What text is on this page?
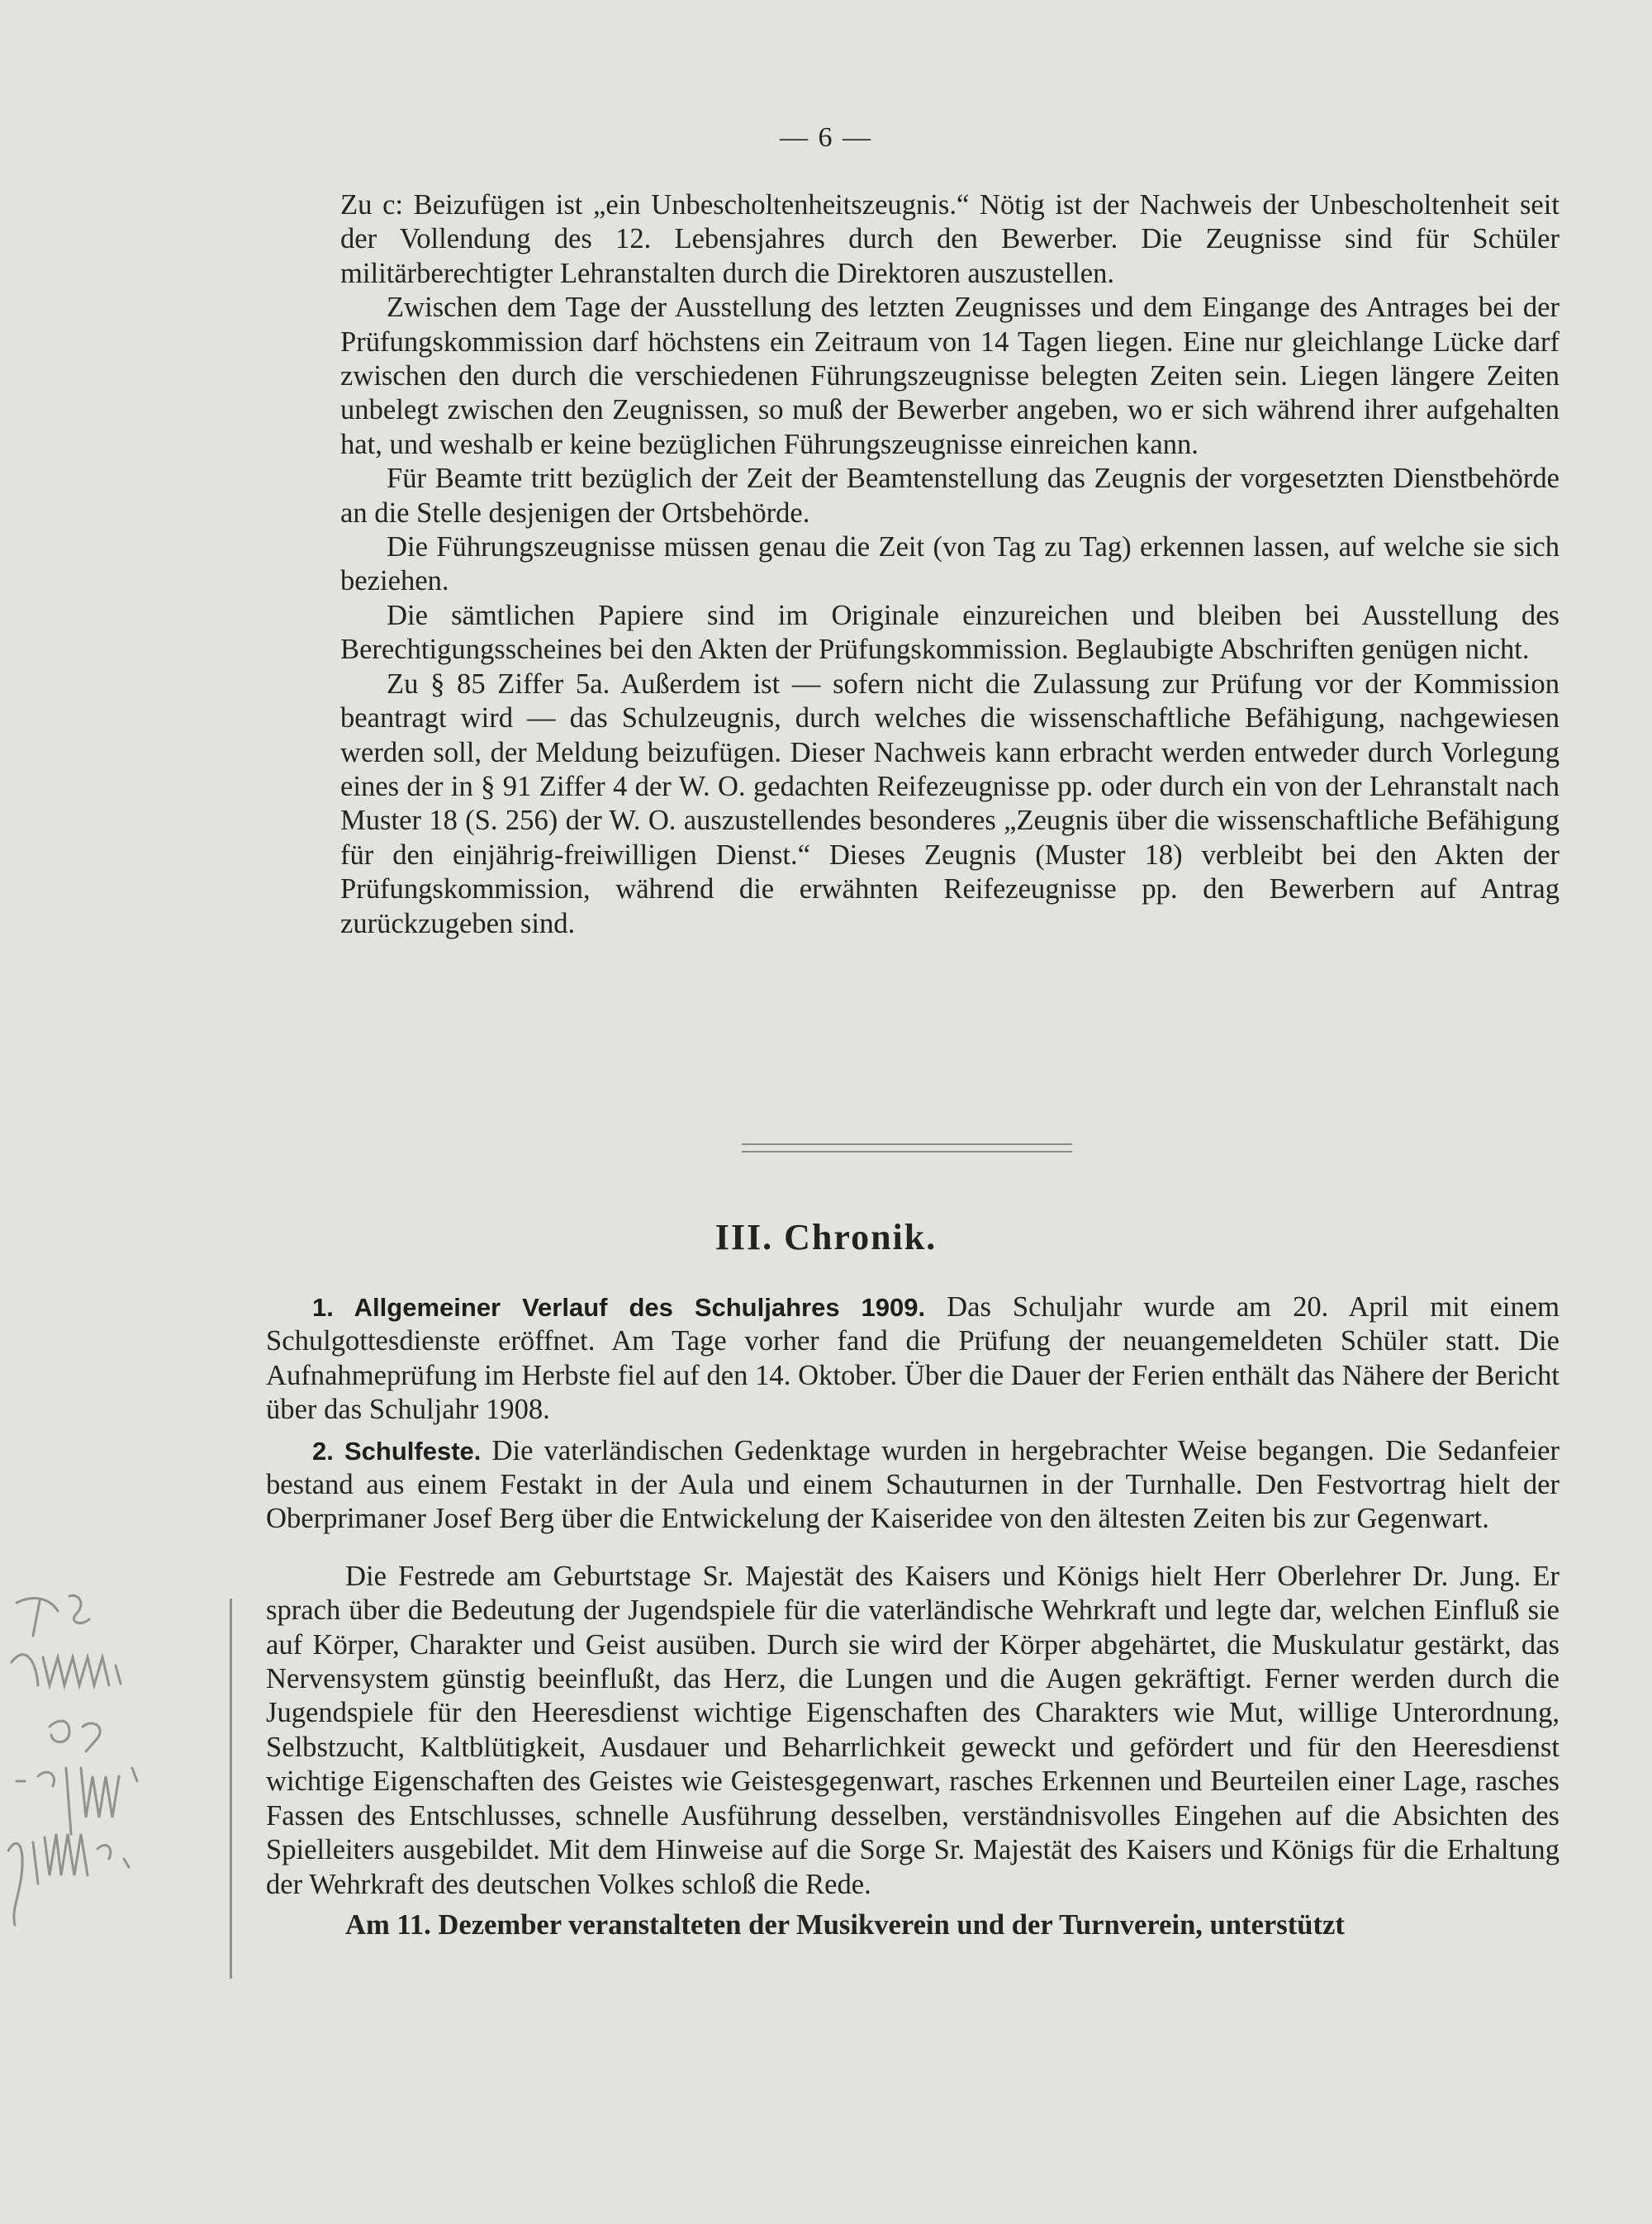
— 6 —

Zu c: Beizufügen ist „ein Unbescholtenheitszeugnis.“ Nötig ist der Nachweis der Unbescholtenheit seit der Vollendung des 12. Lebensjahres durch den Bewerber. Die Zeugnisse sind für Schüler militärberechtigter Lehranstalten durch die Direktoren auszustellen.

Zwischen dem Tage der Ausstellung des letzten Zeugnisses und dem Eingange des Antrages bei der Prüfungskommission darf höchstens ein Zeitraum von 14 Tagen liegen. Eine nur gleichlange Lücke darf zwischen den durch die verschiedenen Führungszeugnisse belegten Zeiten sein. Liegen längere Zeiten unbelegt zwischen den Zeugnissen, so muß der Bewerber angeben, wo er sich während ihrer aufgehalten hat, und weshalb er keine bezüglichen Führungszeugnisse einreichen kann.

Für Beamte tritt bezüglich der Zeit der Beamtenstellung das Zeugnis der vorgesetzten Dienstbehörde an die Stelle desjenigen der Ortsbehörde.

Die Führungszeugnisse müssen genau die Zeit (von Tag zu Tag) erkennen lassen, auf welche sie sich beziehen.

Die sämtlichen Papiere sind im Originale einzureichen und bleiben bei Ausstellung des Berechtigungsscheines bei den Akten der Prüfungskommission. Beglaubigte Abschriften genügen nicht.

Zu § 85 Ziffer 5a. Außerdem ist — sofern nicht die Zulassung zur Prüfung vor der Kommission beantragt wird — das Schulzeugnis, durch welches die wissenschaftliche Befähigung, nachgewiesen werden soll, der Meldung beizufügen. Dieser Nachweis kann erbracht werden entweder durch Vorlegung eines der in § 91 Ziffer 4 der W. O. gedachten Reifezeugnisse pp. oder durch ein von der Lehranstalt nach Muster 18 (S. 256) der W. O. auszustellendes besonderes „Zeugnis über die wissenschaftliche Befähigung für den einjährig-freiwilligen Dienst.“ Dieses Zeugnis (Muster 18) verbleibt bei den Akten der Prüfungskommission, während die erwähnten Reifezeugnisse pp. den Bewerbern auf Antrag zurückzugeben sind.

III. Chronik.

1. Allgemeiner Verlauf des Schuljahres 1909. Das Schuljahr wurde am 20. April mit einem Schulgottesdienste eröffnet. Am Tage vorher fand die Prüfung der neuangemeldeten Schüler statt. Die Aufnahmeprüfung im Herbste fiel auf den 14. Oktober. Über die Dauer der Ferien enthält das Nähere der Bericht über das Schuljahr 1908.

2. Schulfeste. Die vaterländischen Gedenktage wurden in hergebrachter Weise begangen. Die Sedanfeier bestand aus einem Festakt in der Aula und einem Schauturnen in der Turnhalle. Den Festvortrag hielt der Oberprimaner Josef Berg über die Entwickelung der Kaiseridee von den ältesten Zeiten bis zur Gegenwart.

Die Festrede am Geburtstage Sr. Majestät des Kaisers und Königs hielt Herr Oberlehrer Dr. Jung. Er sprach über die Bedeutung der Jugendspiele für die vaterländische Wehrkraft und legte dar, welchen Einfluß sie auf Körper, Charakter und Geist ausüben. Durch sie wird der Körper abgehärtet, die Muskulatur gestärkt, das Nervensystem günstig beeinflußt, das Herz, die Lungen und die Augen gekräftigt. Ferner werden durch die Jugendspiele für den Heeresdienst wichtige Eigenschaften des Charakters wie Mut, willige Unterordnung, Selbstzucht, Kaltblütigkeit, Ausdauer und Beharrlichkeit geweckt und gefördert und für den Heeresdienst wichtige Eigenschaften des Geistes wie Geistesgegenwart, rasches Erkennen und Beurteilen einer Lage, rasches Fassen des Entschlusses, schnelle Ausführung desselben, verständnisvolles Eingehen auf die Absichten des Spielleiters ausgebildet. Mit dem Hinweise auf die Sorge Sr. Majestät des Kaisers und Königs für die Erhaltung der Wehrkraft des deutschen Volkes schloß die Rede.

Am 11. Dezember veranstalteten der Musikverein und der Turnverein, unterstützt
